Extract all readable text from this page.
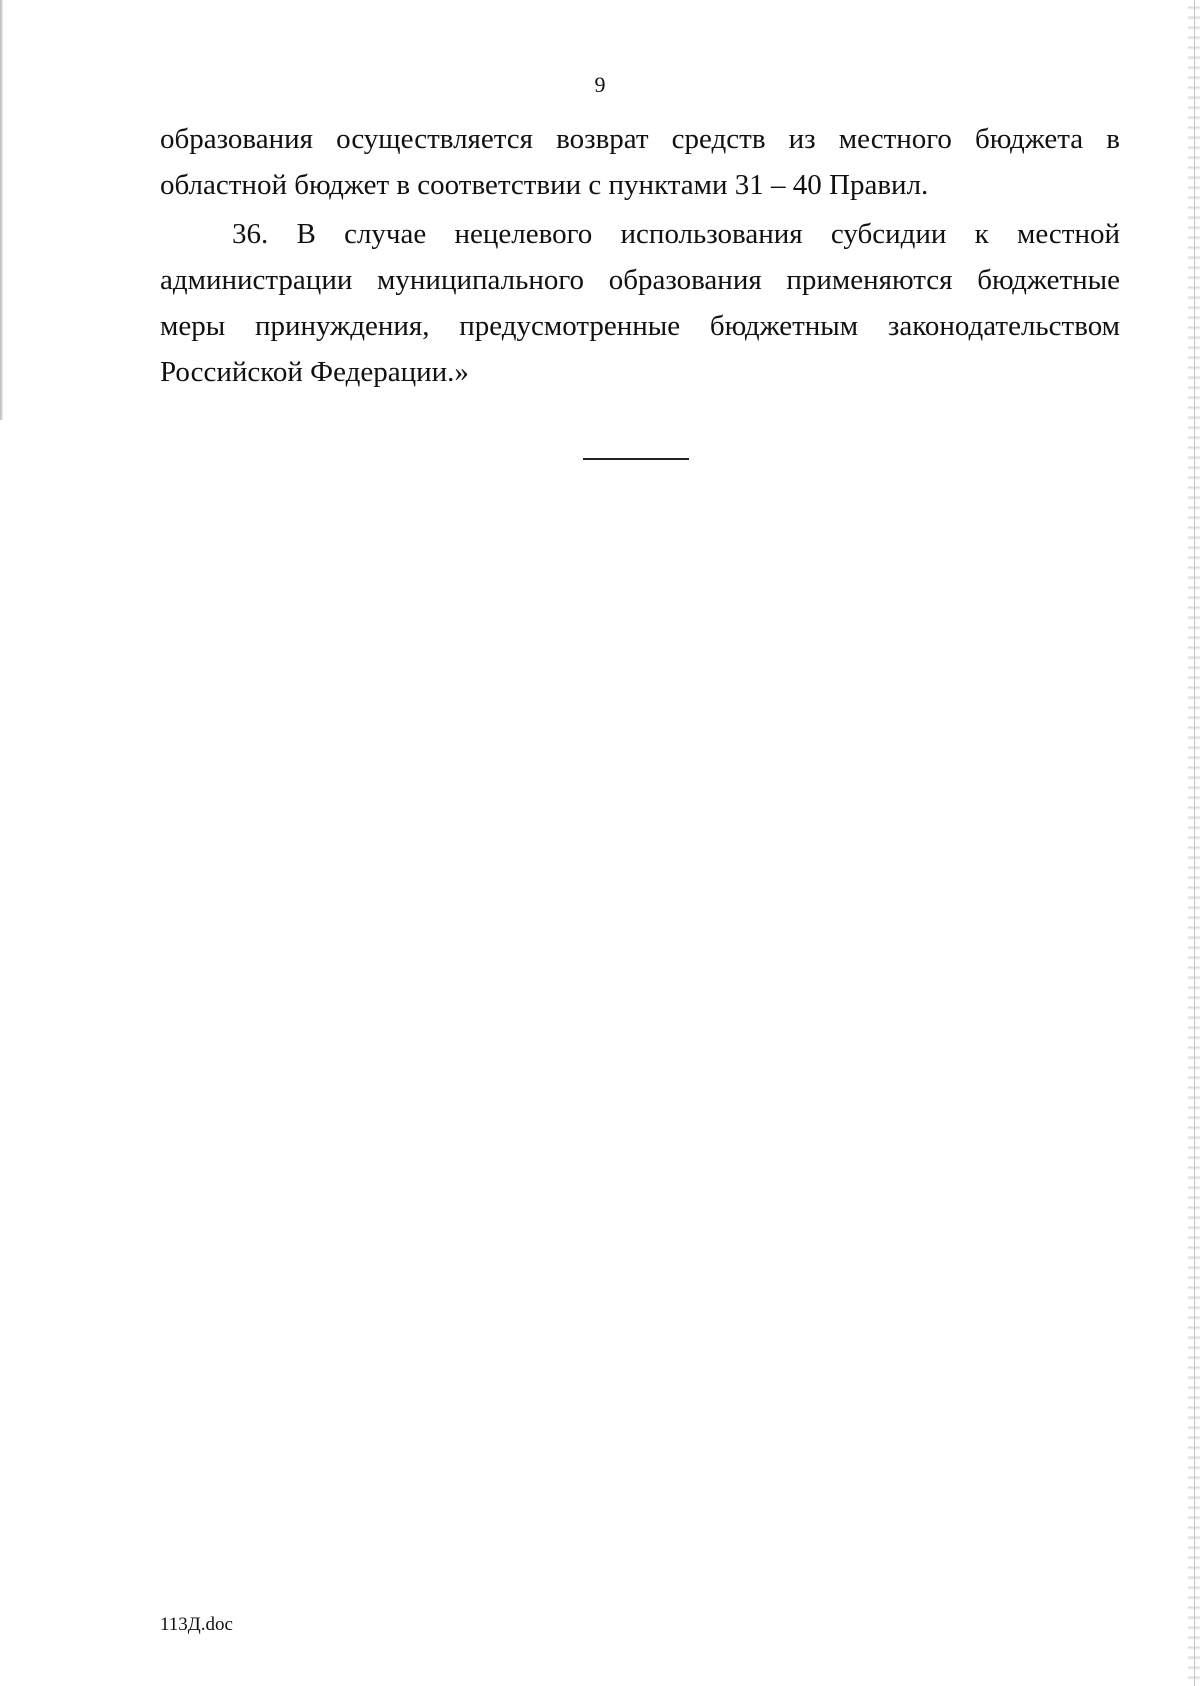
9

образования осуществляется возврат средств из местного бюджета в областной бюджет в соответствии с пунктами 31 – 40 Правил.

36. В случае нецелевого использования субсидии к местной администрации муниципального образования применяются бюджетные меры принуждения, предусмотренные бюджетным законодательством Российской Федерации.»

113Д.doc
